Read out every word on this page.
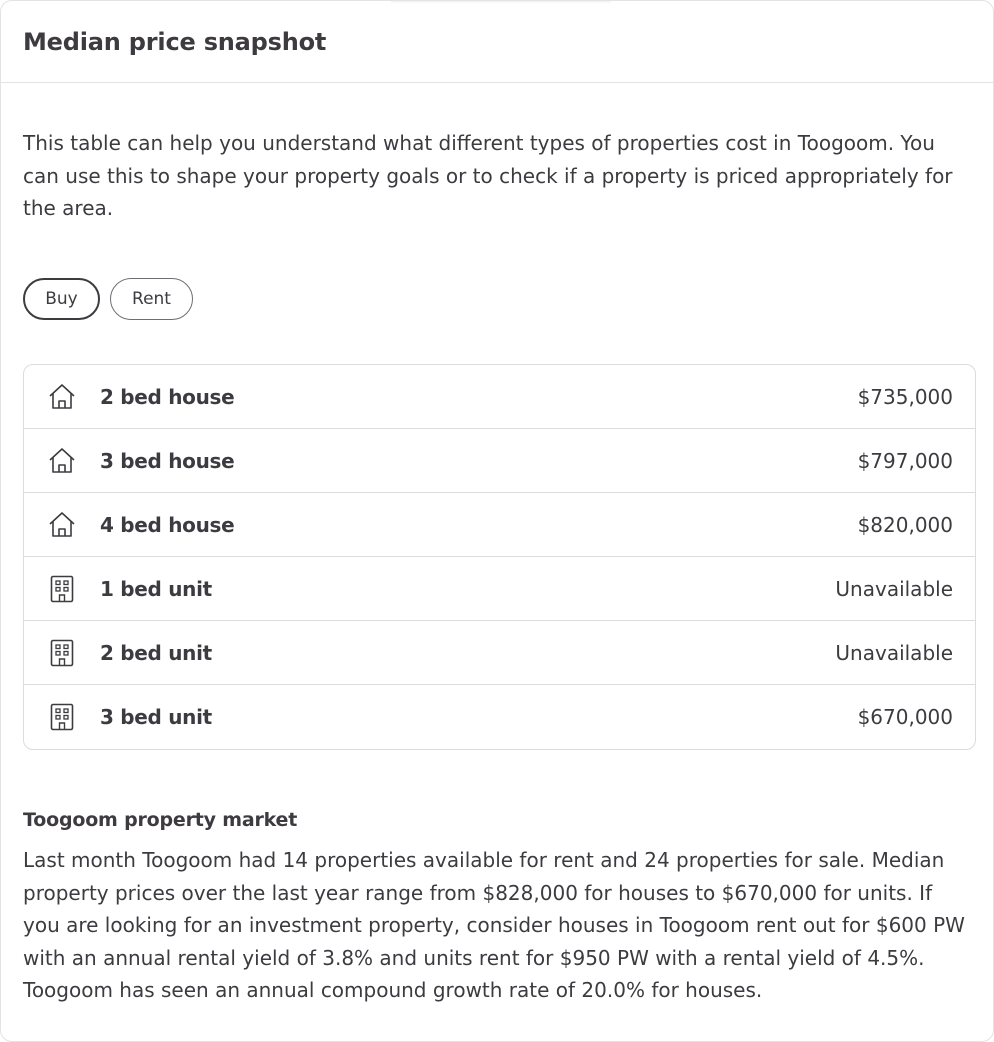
Median price snapshot

This table can help you understand what different types of properties cost in Toogoom. You can use this to shape your property goals or to check if a property is priced appropriately for the area.

Buy	Rent
2 bed house	$735,000
3 bed house	$797,000
4 bed house	$820,000
1 bed unit	Unavailable
2 bed unit	Unavailable
3 bed unit	$670,000
Toogoom property market

Last month Toogoom had 14 properties available for rent and 24 properties for sale. Median property prices over the last year range from $828,000 for houses to $670,000 for units. If you are looking for an investment property, consider houses in Toogoom rent out for $600 PW with an annual rental yield of 3.8% and units rent for $950 PW with a rental yield of 4.5%. Toogoom has seen an annual compound growth rate of 20.0% for houses.
